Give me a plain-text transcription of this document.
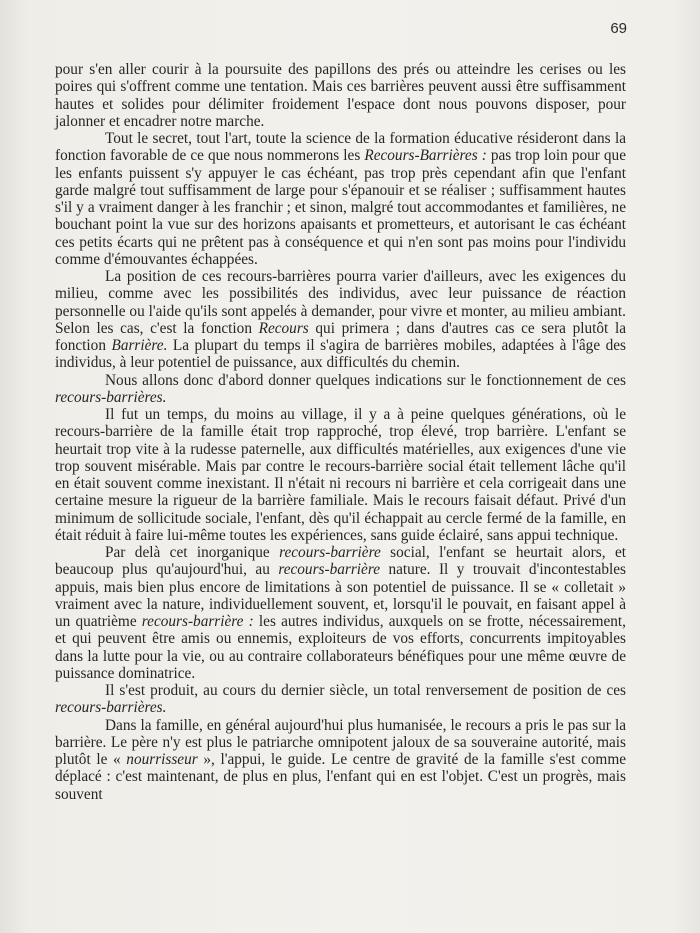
69

pour s'en aller courir à la poursuite des papillons des prés ou atteindre les cerises ou les poires qui s'offrent comme une tentation. Mais ces barrières peuvent aussi être suffisamment hautes et solides pour délimiter froidement l'espace dont nous pouvons disposer, pour jalonner et encadrer notre marche.

Tout le secret, tout l'art, toute la science de la formation éducative résideront dans la fonction favorable de ce que nous nommerons les Recours-Barrières : pas trop loin pour que les enfants puissent s'y appuyer le cas échéant, pas trop près cependant afin que l'enfant garde malgré tout suffisamment de large pour s'épanouir et se réaliser ; suffisamment hautes s'il y a vraiment danger à les franchir ; et sinon, malgré tout accommodantes et familières, ne bouchant point la vue sur des horizons apaisants et prometteurs, et autorisant le cas échéant ces petits écarts qui ne prêtent pas à conséquence et qui n'en sont pas moins pour l'individu comme d'émouvantes échappées.

La position de ces recours-barrières pourra varier d'ailleurs, avec les exigences du milieu, comme avec les possibilités des individus, avec leur puissance de réaction personnelle ou l'aide qu'ils sont appelés à demander, pour vivre et monter, au milieu ambiant. Selon les cas, c'est la fonction Recours qui primera ; dans d'autres cas ce sera plutôt la fonction Barrière. La plupart du temps il s'agira de barrières mobiles, adaptées à l'âge des individus, à leur potentiel de puissance, aux difficultés du chemin.

Nous allons donc d'abord donner quelques indications sur le fonctionnement de ces recours-barrières.

Il fut un temps, du moins au village, il y a à peine quelques générations, où le recours-barrière de la famille était trop rapproché, trop élevé, trop barrière. L'enfant se heurtait trop vite à la rudesse paternelle, aux difficultés matérielles, aux exigences d'une vie trop souvent misérable. Mais par contre le recours-barrière social était tellement lâche qu'il en était souvent comme inexistant. Il n'était ni recours ni barrière et cela corrigeait dans une certaine mesure la rigueur de la barrière familiale. Mais le recours faisait défaut. Privé d'un minimum de sollicitude sociale, l'enfant, dès qu'il échappait au cercle fermé de la famille, en était réduit à faire lui-même toutes les expériences, sans guide éclairé, sans appui technique.

Par delà cet inorganique recours-barrière social, l'enfant se heurtait alors, et beaucoup plus qu'aujourd'hui, au recours-barrière nature. Il y trouvait d'incontestables appuis, mais bien plus encore de limitations à son potentiel de puissance. Il se « colletait » vraiment avec la nature, individuellement souvent, et, lorsqu'il le pouvait, en faisant appel à un quatrième recours-barrière : les autres individus, auxquels on se frotte, nécessairement, et qui peuvent être amis ou ennemis, exploiteurs de vos efforts, concurrents impitoyables dans la lutte pour la vie, ou au contraire collaborateurs bénéfiques pour une même œuvre de puissance dominatrice.

Il s'est produit, au cours du dernier siècle, un total renversement de position de ces recours-barrières.

Dans la famille, en général aujourd'hui plus humanisée, le recours a pris le pas sur la barrière. Le père n'y est plus le patriarche omnipotent jaloux de sa souveraine autorité, mais plutôt le « nourrisseur », l'appui, le guide. Le centre de gravité de la famille s'est comme déplacé : c'est maintenant, de plus en plus, l'enfant qui en est l'objet. C'est un progrès, mais souvent
